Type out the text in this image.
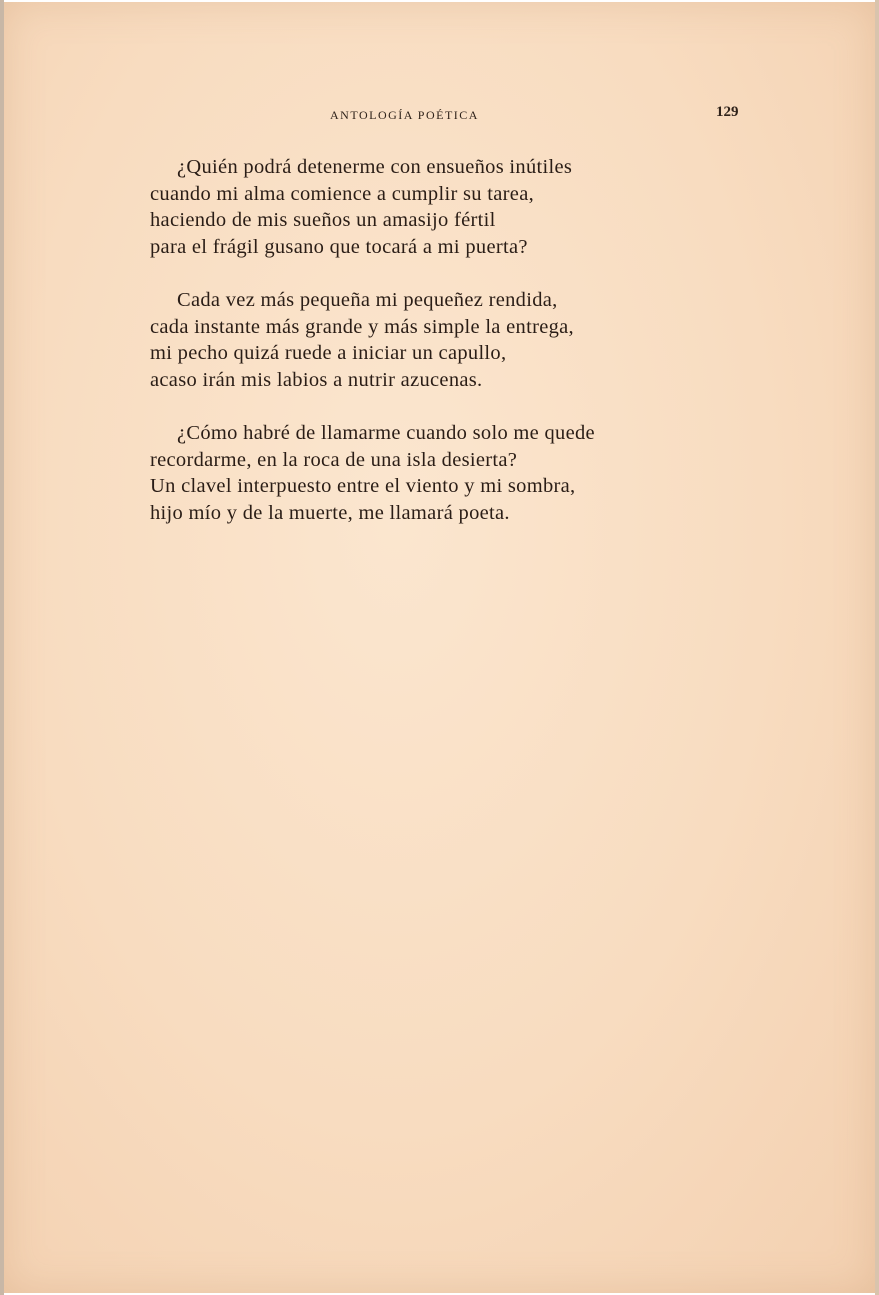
ANTOLOGÍA POÉTICA	129
¿Quién podrá detenerme con ensueños inútiles
cuando mi alma comience a cumplir su tarea,
haciendo de mis sueños un amasijo fértil
para el frágil gusano que tocará a mi puerta?
Cada vez más pequeña mi pequeñez rendida,
cada instante más grande y más simple la entrega,
mi pecho quizá ruede a iniciar un capullo,
acaso irán mis labios a nutrir azucenas.
¿Cómo habré de llamarme cuando solo me quede
recordarme, en la roca de una isla desierta?
Un clavel interpuesto entre el viento y mi sombra,
hijo mío y de la muerte, me llamará poeta.
